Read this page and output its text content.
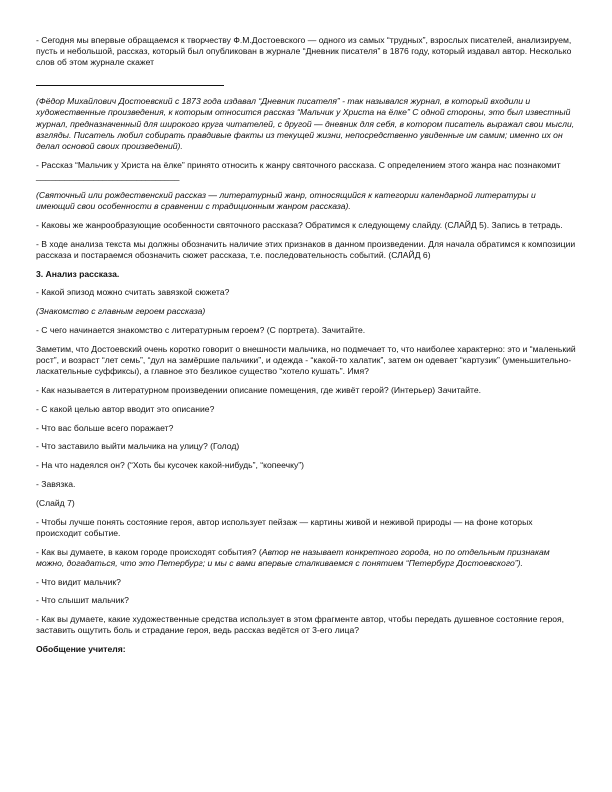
- Сегодня мы впервые обращаемся к творчеству Ф.М.Достоевского — одного из самых “трудных”, взрослых писателей, анализируем, пусть и небольшой, рассказ, который был опубликован в журнале “Дневник писателя” в 1876 году, который издавал автор. Несколько слов об этом журнале скажет

(Фёдор Михайлович Достоевский с 1873 года издавал “Дневник писателя” - так назывался журнал, в который входили и художественные произведения, к которым относится рассказ “Мальчик у Христа на ёлке” С одной стороны, это был известный журнал, предназначенный для широкого круга читателей, с другой — дневник для себя, в котором писатель выражал свои мысли, взгляды. Писатель любил собирать правдивые факты из текущей жизни, непосредственно увиденные им самим; именно их он делал основой своих произведений).

- Рассказ “Мальчик у Христа на ёлке” принято относить к жанру святочного рассказа. С определением этого жанра нас познакомит ______________________________

(Святочный или рождественский рассказ — литературный жанр, относящийся к категории календарной литературы и имеющий свои особенности в сравнении с традиционным жанром рассказа).

- Каковы же жанрообразующие особенности святочного рассказа? Обратимся к следующему слайду. (СЛАЙД 5). Запись в тетрадь.

- В ходе анализа текста мы должны обозначить наличие этих признаков в данном произведении. Для начала обратимся к композиции рассказа и постараемся обозначить сюжет рассказа, т.е. последовательность событий. (СЛАЙД 6)

3. Анализ рассказа.

- Какой эпизод можно считать завязкой сюжета?

(Знакомство с главным героем рассказа)

- С чего начинается знакомство с литературным героем? (С портрета). Зачитайте.

Заметим, что Достоевский очень коротко говорит о внешности мальчика, но подмечает то, что наиболее характерно: это и “маленький рост”, и возраст “лет семь”, “дул на замёршие пальчики”, и одежда - “какой-то халатик”, затем он одевает “картузик” (уменьшительно-ласкательные суффиксы), а главное это безликое существо “хотело кушать”. Имя?

- Как называется в литературном произведении описание помещения, где живёт герой? (Интерьер) Зачитайте.

- С какой целью автор вводит это описание?

- Что вас больше всего поражает?

- Что заставило выйти мальчика на улицу? (Голод)

- На что надеялся он? (“Хоть бы кусочек какой-нибудь”, “копеечку”)

- Завязка.

(Слайд 7)

- Чтобы лучше понять состояние героя, автор использует пейзаж — картины живой и неживой природы — на фоне которых происходит событие.

- Как вы думаете, в каком городе происходят события? (Автор не называет конкретного города, но по отдельным признакам можно, догадаться, что это Петербург; и мы с вами впервые сталкиваемся с понятием “Петербург Достоевского”).

- Что видит мальчик?

- Что слышит мальчик?

- Как вы думаете, какие художественные средства использует в этом фрагменте автор, чтобы передать душевное состояние героя, заставить ощутить боль и страдание героя, ведь рассказ ведётся от 3-его лица?

Обобщение учителя:
